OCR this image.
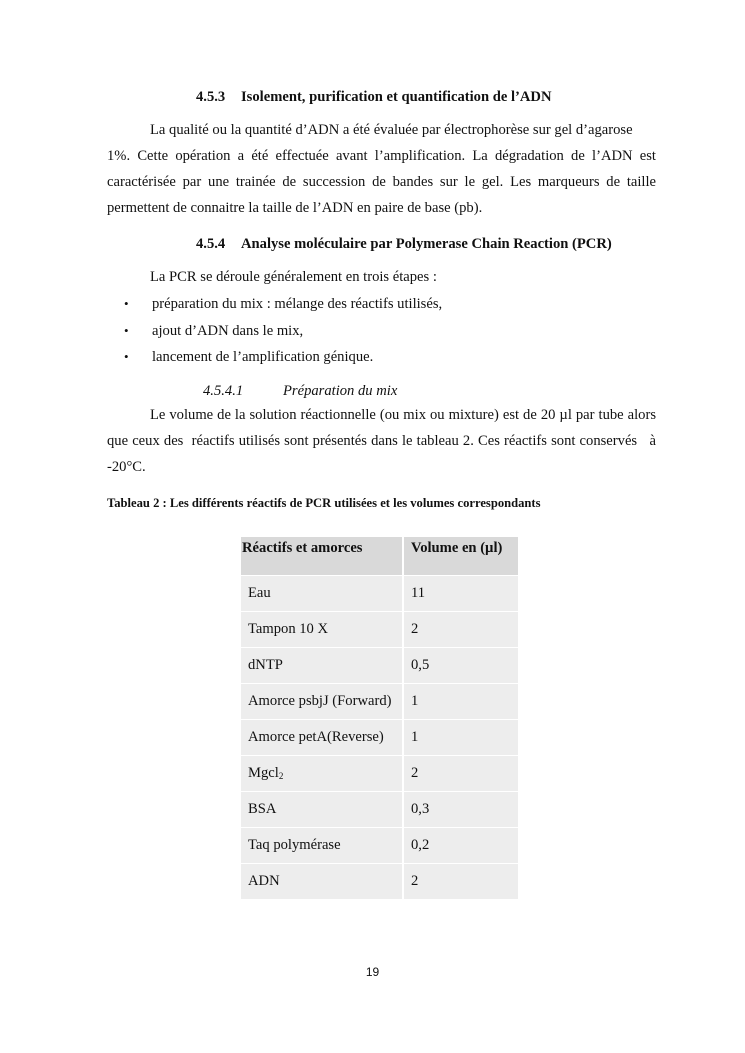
4.5.3 Isolement, purification et quantification de l’ADN
La qualité ou la quantité d’ADN a été évaluée par électrophorèse sur gel d’agarose
1%. Cette opération a été effectuée avant l’amplification. La dégradation de l’ADN est
caractérisée par une trainée de succession de bandes sur le gel. Les marqueurs de taille
permettent de connaitre la taille de l’ADN en paire de base (pb).
4.5.4 Analyse moléculaire par Polymerase Chain Reaction (PCR)
La PCR se déroule généralement en trois étapes :
• préparation du mix : mélange des réactifs utilisés,
• ajout d’ADN dans le mix,
• lancement de l’amplification génique.
4.5.4.1	Préparation du mix
Le volume de la solution réactionnelle (ou mix ou mixture) est de 20 µl par tube alors
que ceux des  réactifs utilisés sont présentés dans le tableau 2. Ces réactifs sont conservés   à
-20°C.
Tableau 2 : Les différents réactifs de PCR utilisées et les volumes correspondants
Réactifs et amorces	Volume en (µl)
Eau	11
Tampon 10 X	2
dNTP	0,5
Amorce psbjJ (Forward)	1
Amorce petA(Reverse)	1
Mgcl$_2$	2
BSA	0,3
Taq polymérase	0,2
ADN	2
19
